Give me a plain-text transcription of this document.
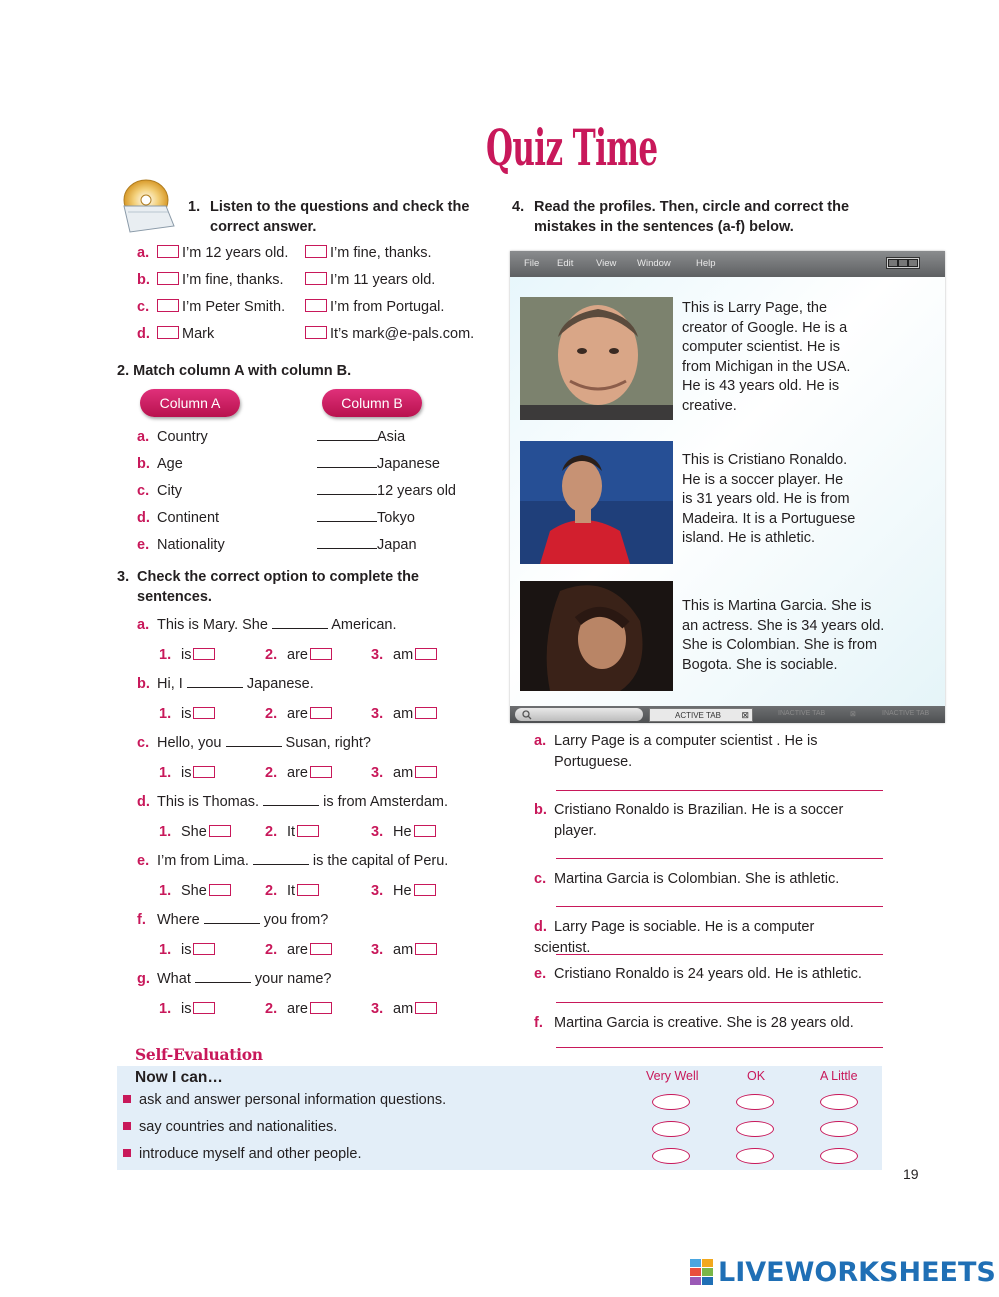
Quiz Time
1. Listen to the questions and check the
correct answer.
a. I’m 12 years old.	I’m fine, thanks.
b. I’m fine, thanks.	I’m 11 years old.
c. I’m Peter Smith.	I’m from Portugal.
d. Mark	It’s mark@e-pals.com.
2. Match column A with column B.
Column A	Column B
a. Country	Asia
b. Age	Japanese
c. City	12 years old
d. Continent	Tokyo
e. Nationality	Japan
3. Check the correct option to complete the
sentences.
a. This is Mary. She	American.
1. is	2. are	3. am
b. Hi, I	Japanese.
1. is	2. are	3. am
c. Hello, you	Susan, right?
1. is	2. are	3. am
d. This is Thomas.	is from Amsterdam.
1. She	2. It	3. He
e. I’m from Lima.	is the capital of Peru.
1. She	2. It	3. He
f. Where	you from?
1. is	2. are	3. am
g. What	your name?
1. is	2. are	3. am
4. Read the profiles. Then, circle and correct the
mistakes in the sentences (a-f) below.
File Edit View Window	Help
This is Larry Page, the
creator of Google. He is a
computer scientist. He is
from Michigan in the USA.
He is 43 years old. He is
creative.
This is Cristiano Ronaldo.
He is a soccer player. He
is 31 years old. He is from
Madeira. It is a Portuguese
island. He is athletic.
This is Martina Garcia. She is
an actress. She is 34 years old.
She is Colombian. She is from
Bogota. She is sociable.
ACTIVE TAB ⊠	INACTIVE TAB	⊠	INACTIVE TAB
a. Larry Page is a computer scientist . He is
Portuguese.
b. Cristiano Ronaldo is Brazilian. He is a soccer
player.
c. Martina Garcia is Colombian. She is athletic.
d. Larry Page is sociable. He is a computer scientist.
e. Cristiano Ronaldo is 24 years old. He is athletic.
f. Martina Garcia is creative. She is 28 years old.
Self-Evaluation
Now I can…	Very Well	OK	A Little
ask and answer personal information questions.
say countries and nationalities.
introduce myself and other people.
19
LIVEWORKSHEETS
